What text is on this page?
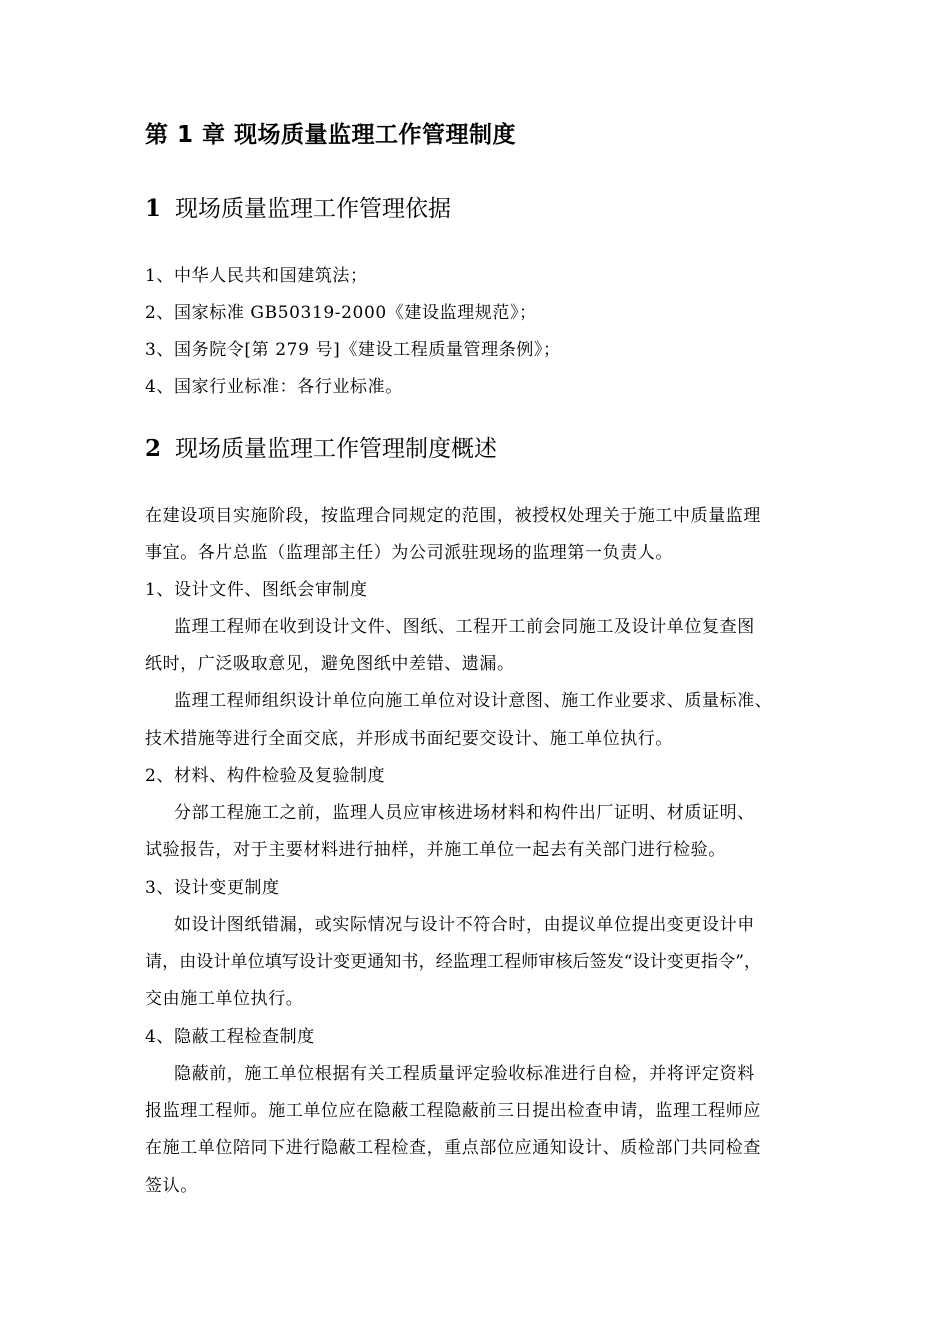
第 1 章 现场质量监理工作管理制度
1 现场质量监理工作管理依据
1、中华人民共和国建筑法；
2、国家标准 GB50319-2000《建设监理规范》；
3、国务院令[第 279 号]《建设工程质量管理条例》；
4、国家行业标准：各行业标准。
2 现场质量监理工作管理制度概述
在建设项目实施阶段，按监理合同规定的范围，被授权处理关于施工中质量监理
事宜。各片总监（监理部主任）为公司派驻现场的监理第一负责人。
1、设计文件、图纸会审制度
监理工程师在收到设计文件、图纸、工程开工前会同施工及设计单位复查图
纸时，广泛吸取意见，避免图纸中差错、遗漏。
监理工程师组织设计单位向施工单位对设计意图、施工作业要求、质量标准、
技术措施等进行全面交底，并形成书面纪要交设计、施工单位执行。
2、材料、构件检验及复验制度
分部工程施工之前，监理人员应审核进场材料和构件出厂证明、材质证明、
试验报告，对于主要材料进行抽样，并施工单位一起去有关部门进行检验。
3、设计变更制度
如设计图纸错漏，或实际情况与设计不符合时，由提议单位提出变更设计申
请，由设计单位填写设计变更通知书，经监理工程师审核后签发“设计变更指令”，
交由施工单位执行。
4、隐蔽工程检查制度
隐蔽前，施工单位根据有关工程质量评定验收标准进行自检，并将评定资料
报监理工程师。施工单位应在隐蔽工程隐蔽前三日提出检查申请，监理工程师应
在施工单位陪同下进行隐蔽工程检查，重点部位应通知设计、质检部门共同检查
签认。
